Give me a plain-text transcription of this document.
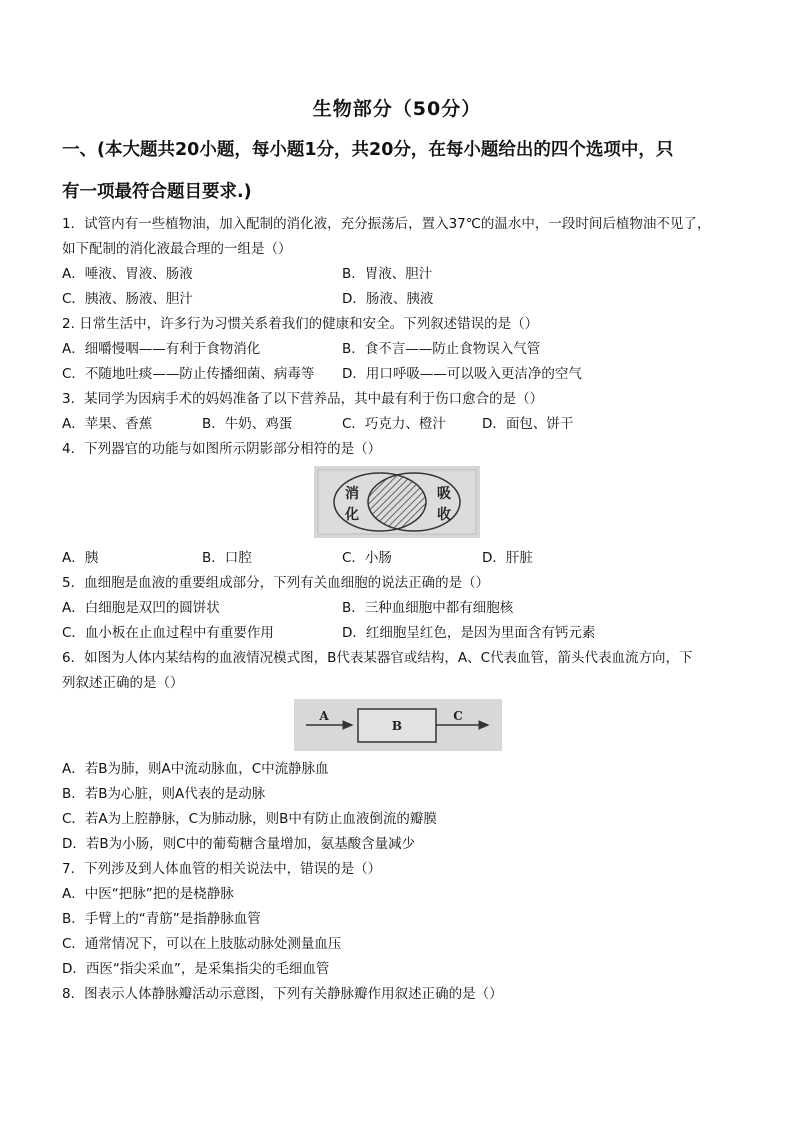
生物部分（50分）
一、(本大题共20小题，每小题1分，共20分，在每小题给出的四个选项中，只
有一项最符合题目要求.)
1．试管内有一些植物油，加入配制的消化液，充分振荡后，置入37℃的温水中，一段时间后植物油不见了，
如下配制的消化液最合理的一组是（）
A．唾液、胃液、肠液	B．胃液、胆汁
C．胰液、肠液、胆汁	D．肠液、胰液
2. 日常生活中，许多行为习惯关系着我们的健康和安全。下列叙述错误的是（）
A．细嚼慢咽——有利于食物消化	B．食不言——防止食物误入气管
C．不随地吐痰——防止传播细菌、病毒等 D．用口呼吸——可以吸入更洁净的空气
3．某同学为因病手术的妈妈准备了以下营养品，其中最有利于伤口愈合的是（）
A．苹果、香蕉	B．牛奶、鸡蛋	C．巧克力、橙汁	D．面包、饼干
4．下列器官的功能与如图所示阴影部分相符的是（）
消
化
吸
收
A．胰	B．口腔	C．小肠	D．肝脏
5．血细胞是血液的重要组成部分，下列有关血细胞的说法正确的是（）
A．白细胞是双凹的圆饼状	B．三种血细胞中都有细胞核
C．血小板在止血过程中有重要作用	D．红细胞呈红色，是因为里面含有钙元素
6．如图为人体内某结构的血液情况模式图，B代表某器官或结构，A、C代表血管，箭头代表血流方向，下
列叙述正确的是（）
A
B
C
A．若B为肺，则A中流动脉血，C中流静脉血
B．若B为心脏，则A代表的是动脉
C．若A为上腔静脉，C为肺动脉，则B中有防止血液倒流的瓣膜
D．若B为小肠，则C中的葡萄糖含量增加，氨基酸含量减少
7．下列涉及到人体血管的相关说法中，错误的是（）
A．中医“把脉”把的是桡静脉
B．手臂上的“青筋”是指静脉血管
C．通常情况下，可以在上肢肱动脉处测量血压
D．西医“指尖采血”，是采集指尖的毛细血管
8．图表示人体静脉瓣活动示意图，下列有关静脉瓣作用叙述正确的是（）
